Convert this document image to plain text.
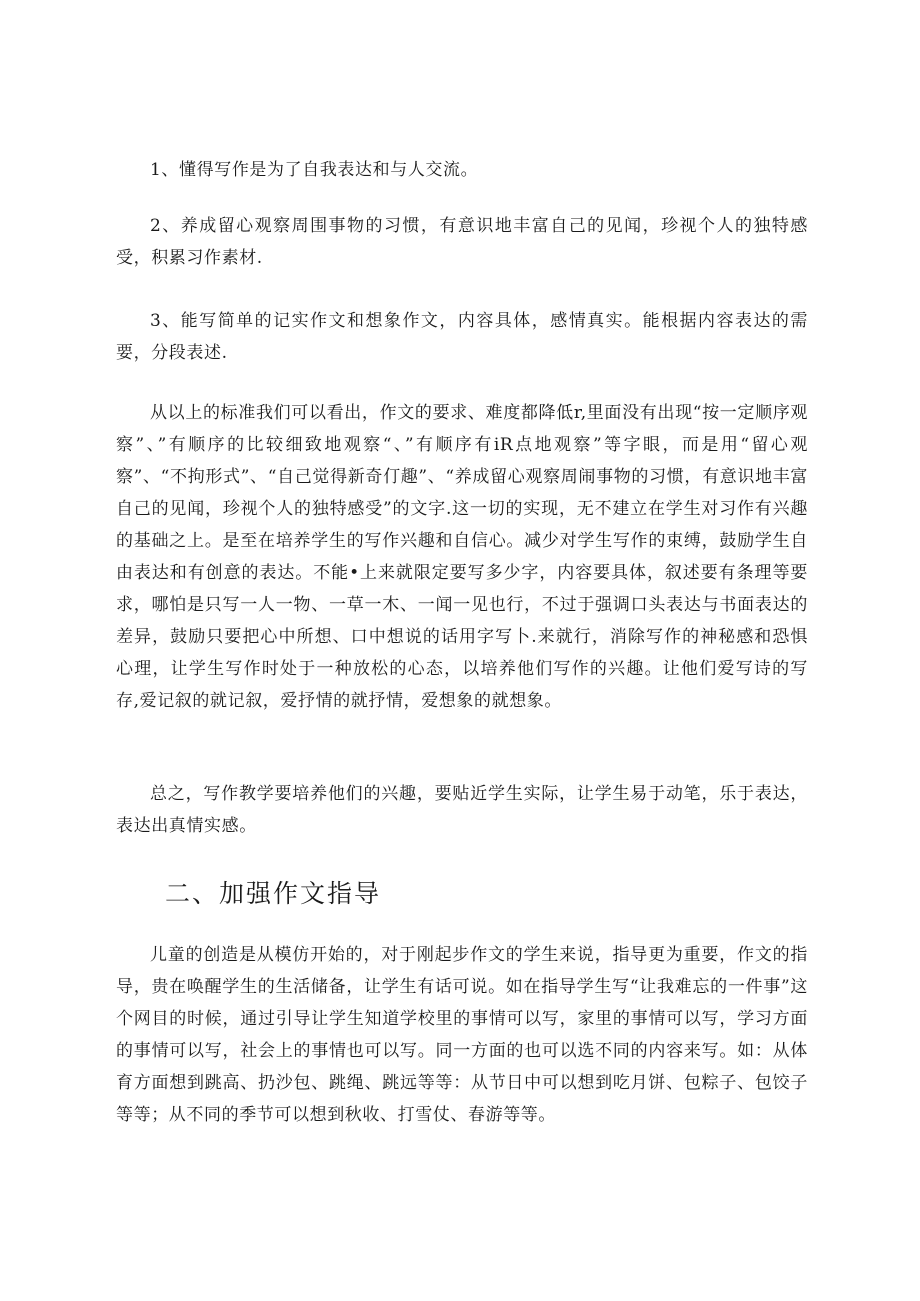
1、懂得写作是为了自我表达和与人交流。

2、养成留心观察周围事物的习惯，有意识地丰富自己的见闻，珍视个人的独特感受，积累习作素材.

3、能写简单的记实作文和想象作文，内容具体，感情真实。能根据内容表达的需要，分段表述.

从以上的标准我们可以看出，作文的要求、难度都降低r,里面没有出现“按一定顺序观察”、”有顺序的比较细致地观察“、”有顺序有iR点地观察”等字眼，而是用“留心观察”、“不拘形式”、“自己觉得新奇仃趣”、“养成留心观察周闹事物的习惯，有意识地丰富自己的见闻，珍视个人的独特感受”的文字.这一切的实现，无不建立在学生对习作有兴趣的基础之上。是至在培养学生的写作兴趣和自信心。减少对学生写作的束缚，鼓励学生自由表达和有创意的表达。不能•上来就限定要写多少字，内容要具体，叙述要有条理等要求，哪怕是只写一人一物、一草一木、一闻一见也行，不过于强调口头表达与书面表达的差异，鼓励只要把心中所想、口中想说的话用字写卜.来就行，消除写作的神秘感和恐惧心理，让学生写作时处于一种放松的心态，以培养他们写作的兴趣。让他们爱写诗的写存,爱记叙的就记叙，爱抒情的就抒情，爱想象的就想象。

总之，写作教学要培养他们的兴趣，要贴近学生实际，让学生易于动笔，乐于表达，表达出真情实感。

二、加强作文指导

儿童的创造是从模仿开始的，对于刚起步作文的学生来说，指导更为重要，作文的指导，贵在唤醒学生的生活储备，让学生有话可说。如在指导学生写“让我难忘的一件事”这个网目的时候，通过引导让学生知道学校里的事情可以写，家里的事情可以写，学习方面的事情可以写，社会上的事情也可以写。同一方面的也可以选不同的内容来写。如：从体育方面想到跳高、扔沙包、跳绳、跳远等等：从节日中可以想到吃月饼、包粽子、包饺子等等；从不同的季节可以想到秋收、打雪仗、春游等等。
